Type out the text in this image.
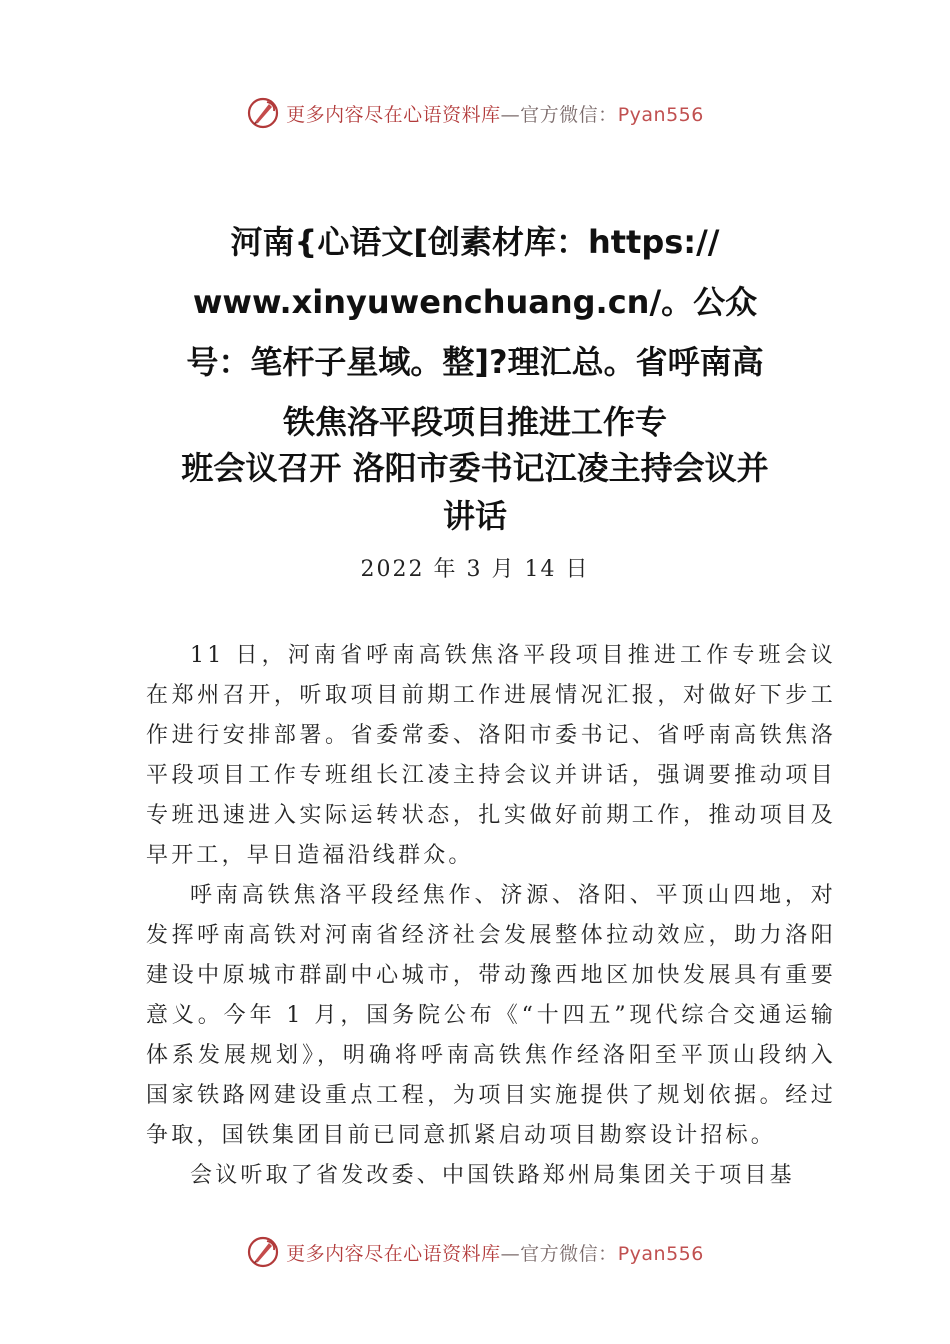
更多内容尽在心语资料库—官方微信：Pyan556
河南{心语文[创素材库：https://
www.xinyuwenchuang.cn/。公众
号：笔杆子星域。整]?理汇总。省呼南高
铁焦洛平段项目推进工作专
班会议召开 洛阳市委书记江凌主持会议并
讲话
2022 年 3 月 14 日

11 日，河南省呼南高铁焦洛平段项目推进工作专班会议在郑州召开，听取项目前期工作进展情况汇报，对做好下步工作进行安排部署。省委常委、洛阳市委书记、省呼南高铁焦洛平段项目工作专班组长江凌主持会议并讲话，强调要推动项目专班迅速进入实际运转状态，扎实做好前期工作，推动项目及早开工，早日造福沿线群众。

呼南高铁焦洛平段经焦作、济源、洛阳、平顶山四地，对发挥呼南高铁对河南省经济社会发展整体拉动效应，助力洛阳建设中原城市群副中心城市，带动豫西地区加快发展具有重要意义。今年 1 月，国务院公布《“十四五”现代综合交通运输体系发展规划》，明确将呼南高铁焦作经洛阳至平顶山段纳入国家铁路网建设重点工程，为项目实施提供了规划依据。经过争取，国铁集团目前已同意抓紧启动项目勘察设计招标。

会议听取了省发改委、中国铁路郑州局集团关于项目基

更多内容尽在心语资料库—官方微信：Pyan556
